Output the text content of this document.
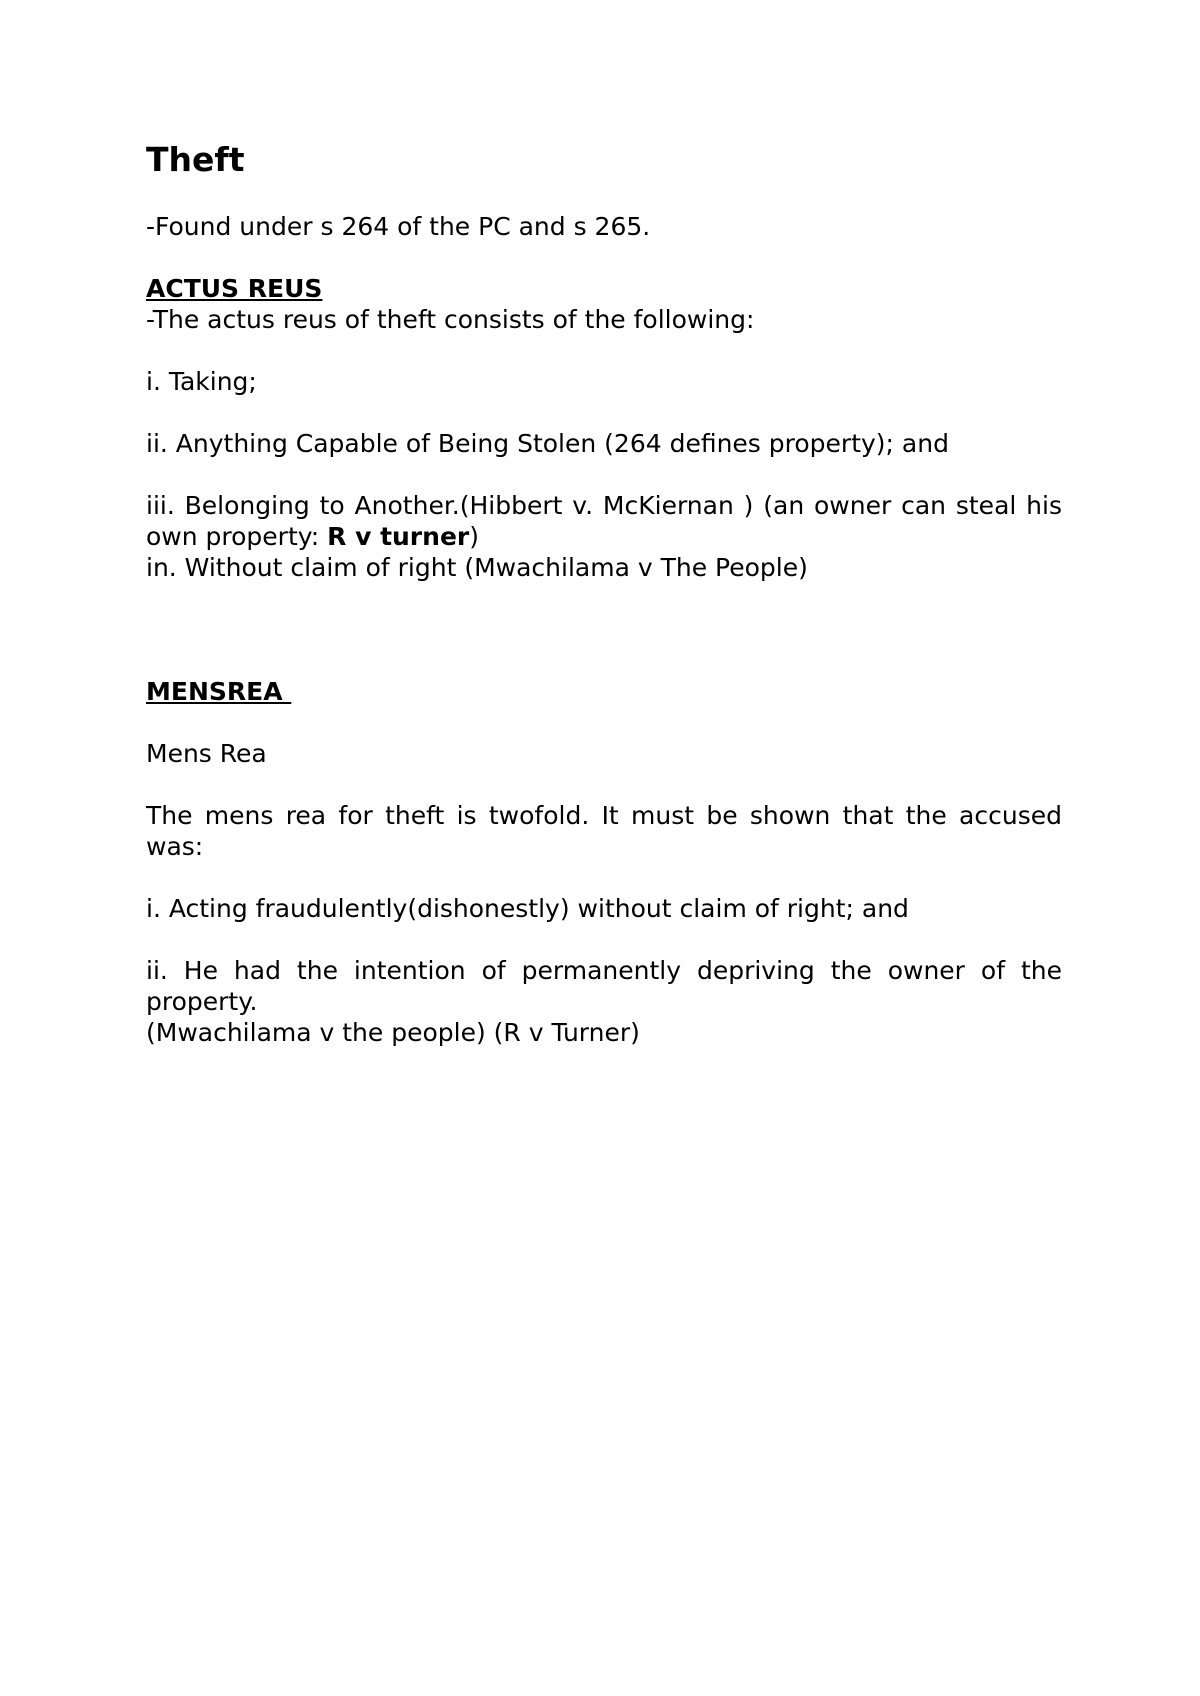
Theft

-Found under s 264 of the PC and s 265.

ACTUS REUS

-The actus reus of theft consists of the following:

i. Taking;

ii. Anything Capable of Being Stolen (264 defines property); and

iii. Belonging to Another.(Hibbert v. McKiernan ) (an owner can steal his own property: R v turner)

in. Without claim of right (Mwachilama v The People)

MENSREA

Mens Rea

The mens rea for theft is twofold. It must be shown that the accused was:

i. Acting fraudulently(dishonestly) without claim of right; and

ii. He had the intention of permanently depriving the owner of the property.

(Mwachilama v the people) (R v Turner)
